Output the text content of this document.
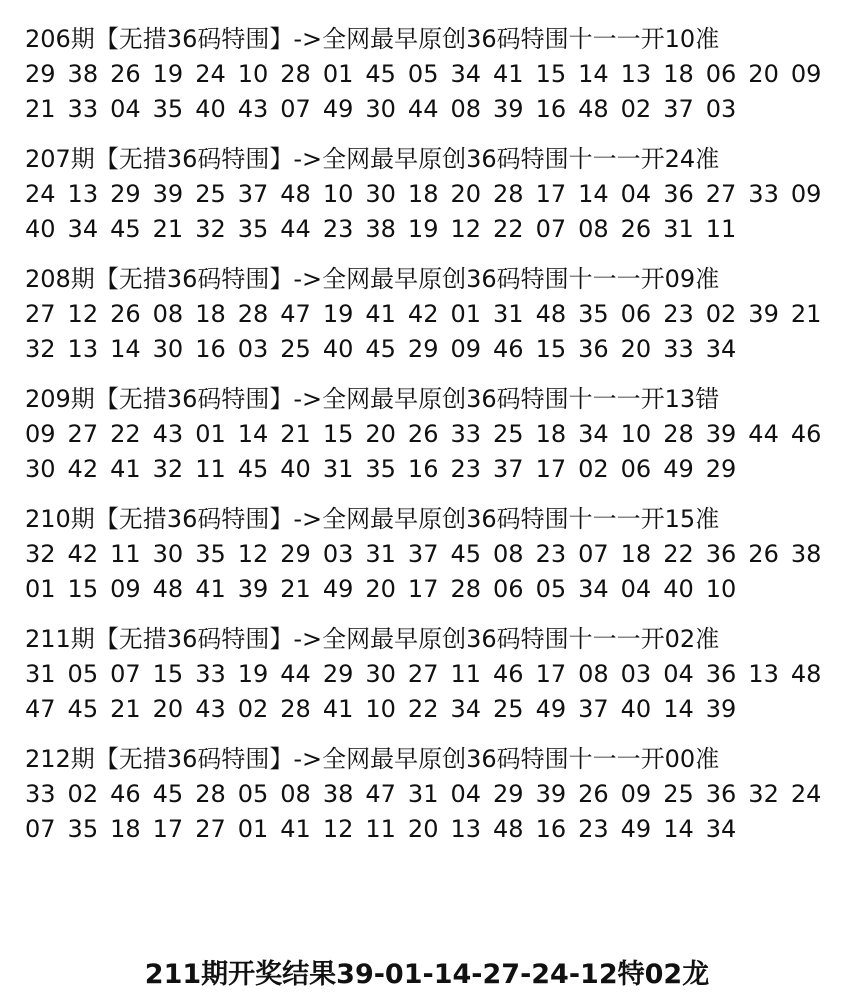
206期【无措36码特围】->全网最早原创36码特围十一一开10准
29 38 26 19 24 10 28 01 45 05 34 41 15 14 13 18 06 20 09
21 33 04 35 40 43 07 49 30 44 08 39 16 48 02 37 03
207期【无措36码特围】->全网最早原创36码特围十一一开24准
24 13 29 39 25 37 48 10 30 18 20 28 17 14 04 36 27 33 09
40 34 45 21 32 35 44 23 38 19 12 22 07 08 26 31 11
208期【无措36码特围】->全网最早原创36码特围十一一开09准
27 12 26 08 18 28 47 19 41 42 01 31 48 35 06 23 02 39 21
32 13 14 30 16 03 25 40 45 29 09 46 15 36 20 33 34
209期【无措36码特围】->全网最早原创36码特围十一一开13错
09 27 22 43 01 14 21 15 20 26 33 25 18 34 10 28 39 44 46
30 42 41 32 11 45 40 31 35 16 23 37 17 02 06 49 29
210期【无措36码特围】->全网最早原创36码特围十一一开15准
32 42 11 30 35 12 29 03 31 37 45 08 23 07 18 22 36 26 38
01 15 09 48 41 39 21 49 20 17 28 06 05 34 04 40 10
211期【无措36码特围】->全网最早原创36码特围十一一开02准
31 05 07 15 33 19 44 29 30 27 11 46 17 08 03 04 36 13 48
47 45 21 20 43 02 28 41 10 22 34 25 49 37 40 14 39
212期【无措36码特围】->全网最早原创36码特围十一一开00准
33 02 46 45 28 05 08 38 47 31 04 29 39 26 09 25 36 32 24
07 35 18 17 27 01 41 12 11 20 13 48 16 23 49 14 34
211期开奖结果39-01-14-27-24-12特02龙
